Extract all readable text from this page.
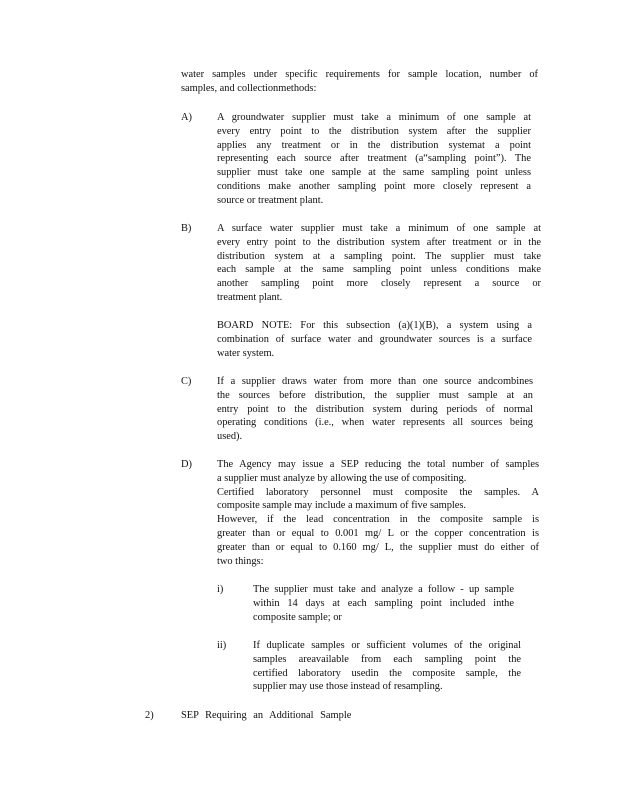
water samples under specific requirements for sample location, number of
samples, and collectionmethods:
A) A groundwater supplier must take a minimum of one sample at
every entry point to the distribution system after the supplier
applies any treatment or in the distribution systemat a point
representing each source after treatment (a“sampling point”). The
supplier must take one sample at the same sampling point unless
conditions make another sampling point more closely represent a
source or treatment plant.
B) A surface water supplier must take a minimum of one sample at
every entry point to the distribution system after treatment or in the
distribution system at a sampling point. The supplier must take
each sample at the same sampling point unless conditions make
another sampling point more closely represent a source or
treatment plant.
BOARD NOTE: For this subsection (a)(1)(B), a system using a
combination of surface water and groundwater sources is a surface
water system.
C) If a supplier draws water from more than one source andcombines
the sources before distribution, the supplier must sample at an
entry point to the distribution system during periods of normal
operating conditions (i.e., when water represents all sources being
used).
D) The Agency may issue a SEP reducing the total number of samples
a supplier must analyze by allowing the use of compositing.
Certified laboratory personnel must composite the samples. A
composite sample may include a maximum of five samples.
However, if the lead concentration in the composite sample is
greater than or equal to 0.001 mg/ L or the copper concentration is
greater than or equal to 0.160 mg/ L, the supplier must do either of
two things:
i)	The supplier must take and analyze a follow - up sample
within 14 days at each sampling point included inthe
composite sample; or
ii)	If duplicate samples or sufficient volumes of the original
samples areavailable from each sampling point the
certified laboratory usedin the composite sample, the
supplier may use those instead of resampling.
2)	SEP Requiring an Additional Sample
